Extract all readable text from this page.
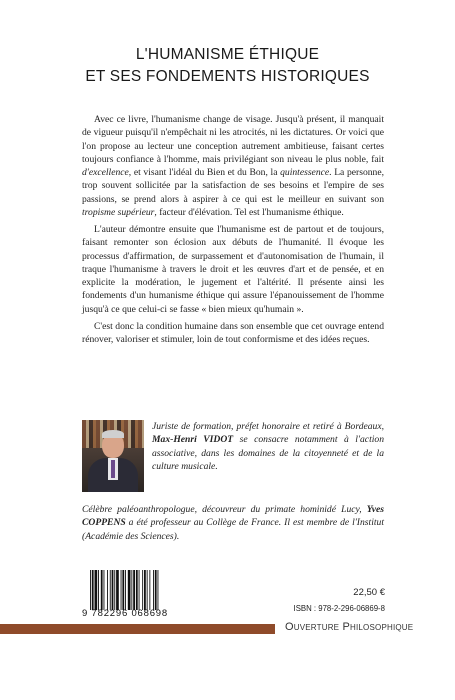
L'HUMANISME ÉTHIQUE
ET SES FONDEMENTS HISTORIQUES

Avec ce livre, l'humanisme change de visage. Jusqu'à présent, il manquait de vigueur puisqu'il n'empêchait ni les atrocités, ni les dictatures. Or voici que l'on propose au lecteur une conception autrement ambitieuse, faisant certes toujours confiance à l'homme, mais privilégiant son niveau le plus noble, fait d'excellence, et visant l'idéal du Bien et du Bon, la quintessence. La personne, trop souvent sollicitée par la satisfaction de ses besoins et l'empire de ses passions, se prend alors à aspirer à ce qui est le meilleur en suivant son tropisme supérieur, facteur d'élévation. Tel est l'humanisme éthique.

L'auteur démontre ensuite que l'humanisme est de partout et de toujours, faisant remonter son éclosion aux débuts de l'humanité. Il évoque les processus d'affirmation, de surpassement et d'autonomisation de l'humain, il traque l'humanisme à travers le droit et les œuvres d'art et de pensée, et en explicite la modération, le jugement et l'altérité. Il présente ainsi les fondements d'un humanisme éthique qui assure l'épanouissement de l'homme jusqu'à ce que celui-ci se fasse « bien mieux qu'humain ».

C'est donc la condition humaine dans son ensemble que cet ouvrage entend rénover, valoriser et stimuler, loin de tout conformisme et des idées reçues.

Juriste de formation, préfet honoraire et retiré à Bordeaux, Max-Henri VIDOT se consacre notamment à l'action associative, dans les domaines de la citoyenneté et de la culture musicale.
Célèbre paléoanthropologue, découvreur du primate hominidé Lucy, Yves COPPENS a été professeur au Collège de France. Il est membre de l'Institut (Académie des Sciences).
9 782296 068698
22,50 €
ISBN : 978-2-296-06869-8
Ouverture Philosophique
